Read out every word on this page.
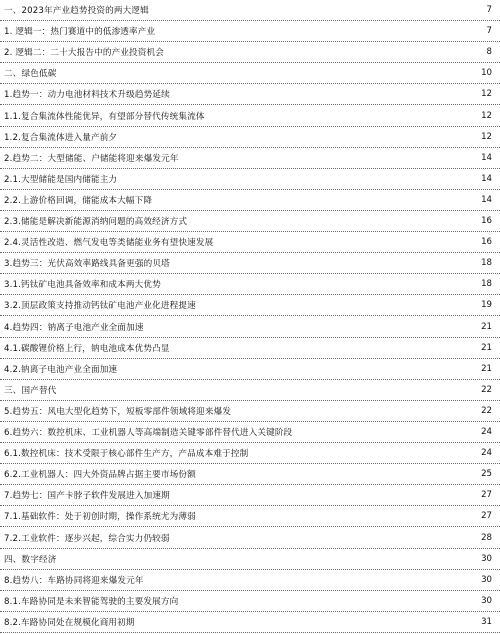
一、2023年产业趋势投资的两大逻辑	7
1. 逻辑一：热门赛道中的低渗透率产业	7
2. 逻辑二：二十大报告中的产业投资机会	8
二、绿色低碳	10
1.趋势一：动力电池材料技术升级趋势延续	12
1.1.复合集流体性能优异，有望部分替代传统集流体	12
1.2.复合集流体进入量产前夕	12
2.趋势二：大型储能、户储能将迎来爆发元年	14
2.1.大型储能是国内储能主力	14
2.2.上游价格回调，储能成本大幅下降	14
2.3.储能是解决新能源消纳问题的高效经济方式	16
2.4.灵活性改造、燃气发电等类储能业务有望快速发展	16
3.趋势三：光伏高效率路线具备更强的贝塔	18
3.1.钙钛矿电池具备效率和成本两大优势	18
3.2.顶层政策支持推动钙钛矿电池产业化进程提速	19
4.趋势四：钠离子电池产业全面加速	21
4.1.碳酸锂价格上行，钠电池成本优势凸显	21
4.2.钠离子电池产业全面加速	21
三、国产替代	22
5.趋势五：风电大型化趋势下，短板零部件领域将迎来爆发	22
6.趋势六：数控机床、工业机器人等高端制造关键零部件替代进入关键阶段	24
6.1.数控机床：技术受限于核心部件生产方，产品成本难于控制	24
6.2.工业机器人：四大外资品牌占据主要市场份额	25
7.趋势七：国产卡脖子软件发展进入加速期	27
7.1.基础软件：处于初创时期，操作系统尤为薄弱	27
7.2.工业软件：逐步兴起，综合实力仍较弱	28
四、数字经济	30
8.趋势八：车路协同将迎来爆发元年	30
8.1.车路协同是未来智能驾驶的主要发展方向	30
8.2.车路协同处在规模化商用初期	31
